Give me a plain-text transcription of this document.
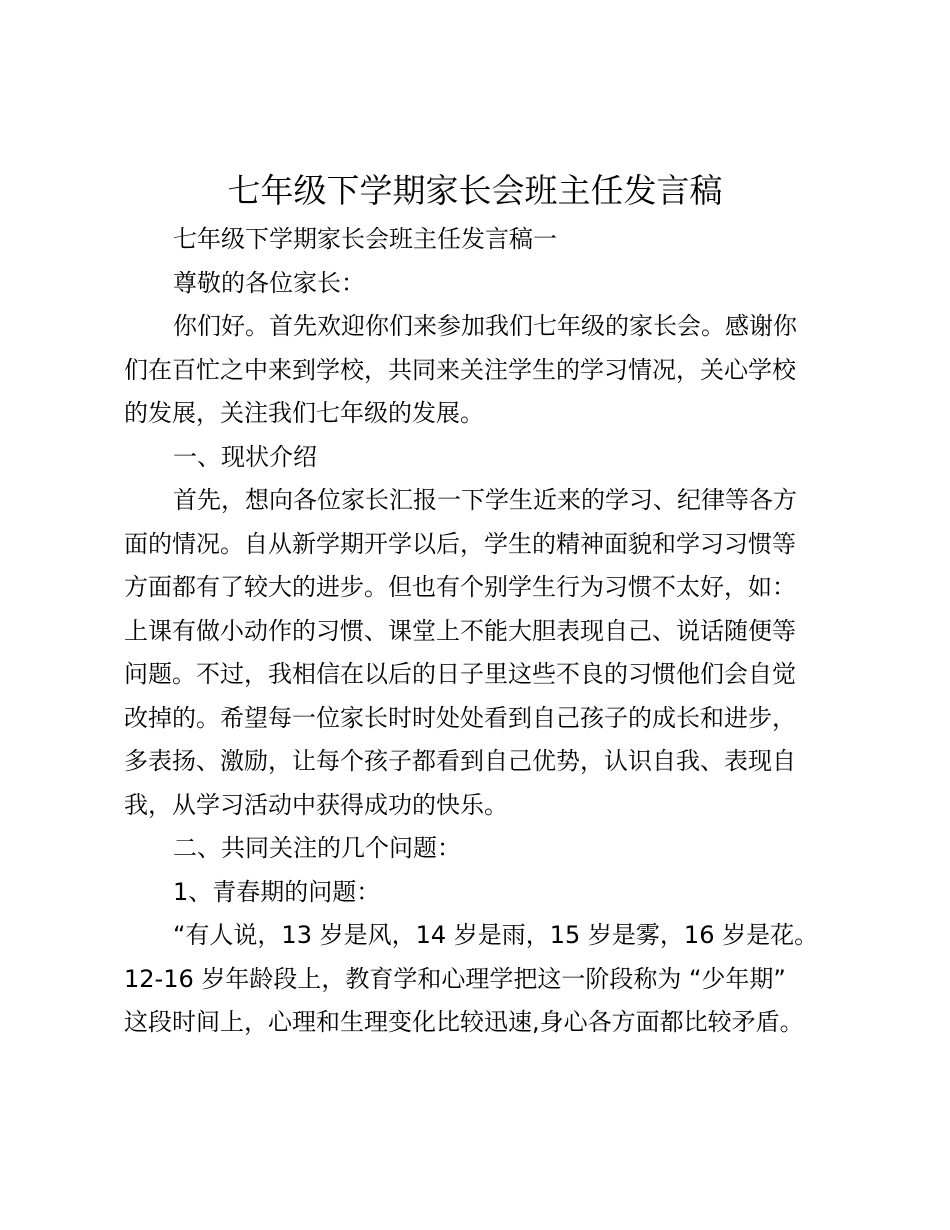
七年级下学期家长会班主任发言稿
七年级下学期家长会班主任发言稿一
尊敬的各位家长：
你们好。首先欢迎你们来参加我们七年级的家长会。感谢你
们在百忙之中来到学校，共同来关注学生的学习情况，关心学校
的发展，关注我们七年级的发展。
一、现状介绍
首先，想向各位家长汇报一下学生近来的学习、纪律等各方
面的情况。自从新学期开学以后，学生的精神面貌和学习习惯等
方面都有了较大的进步。但也有个别学生行为习惯不太好，如：
上课有做小动作的习惯、课堂上不能大胆表现自己、说话随便等
问题。不过，我相信在以后的日子里这些不良的习惯他们会自觉
改掉的。希望每一位家长时时处处看到自己孩子的成长和进步，
多表扬、激励，让每个孩子都看到自己优势，认识自我、表现自
我，从学习活动中获得成功的快乐。
二、共同关注的几个问题：
1、青春期的问题：
“有人说，13 岁是风，14 岁是雨，15 岁是雾，16 岁是花。
12-16 岁年龄段上，教育学和心理学把这一阶段称为 “少年期”
这段时间上，心理和生理变化比较迅速,身心各方面都比较矛盾。
